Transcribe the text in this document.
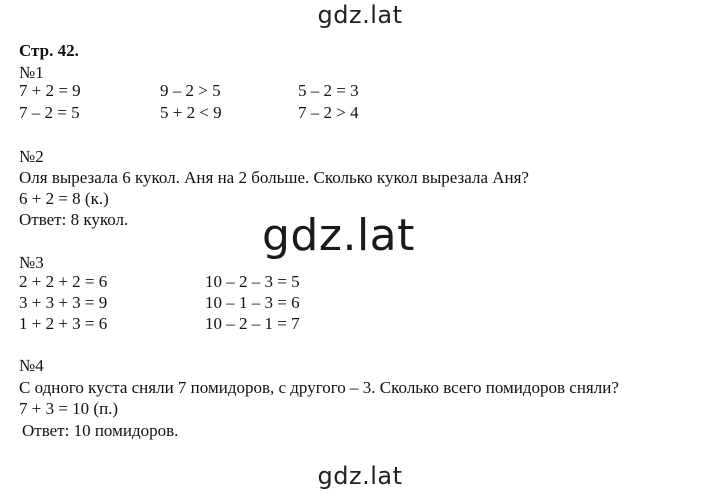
gdz.lat
Стр. 42.
№1
7 + 2 = 9	9 – 2 > 5	5 – 2 = 3
7 – 2 = 5	5 + 2 < 9	7 – 2 > 4
№2
Оля вырезала 6 кукол. Аня на 2 больше. Сколько кукол вырезала Аня?
6 + 2 = 8 (к.)
Ответ: 8 кукол.	gdz.lat
№3
2 + 2 + 2 = 6	10 – 2 – 3 = 5
3 + 3 + 3 = 9	10 – 1 – 3 = 6
1 + 2 + 3 = 6	10 – 2 – 1 = 7
№4
С одного куста сняли 7 помидоров, с другого – 3. Сколько всего помидоров сняли?
7 + 3 = 10 (п.)
Ответ: 10 помидоров.
gdz.lat
